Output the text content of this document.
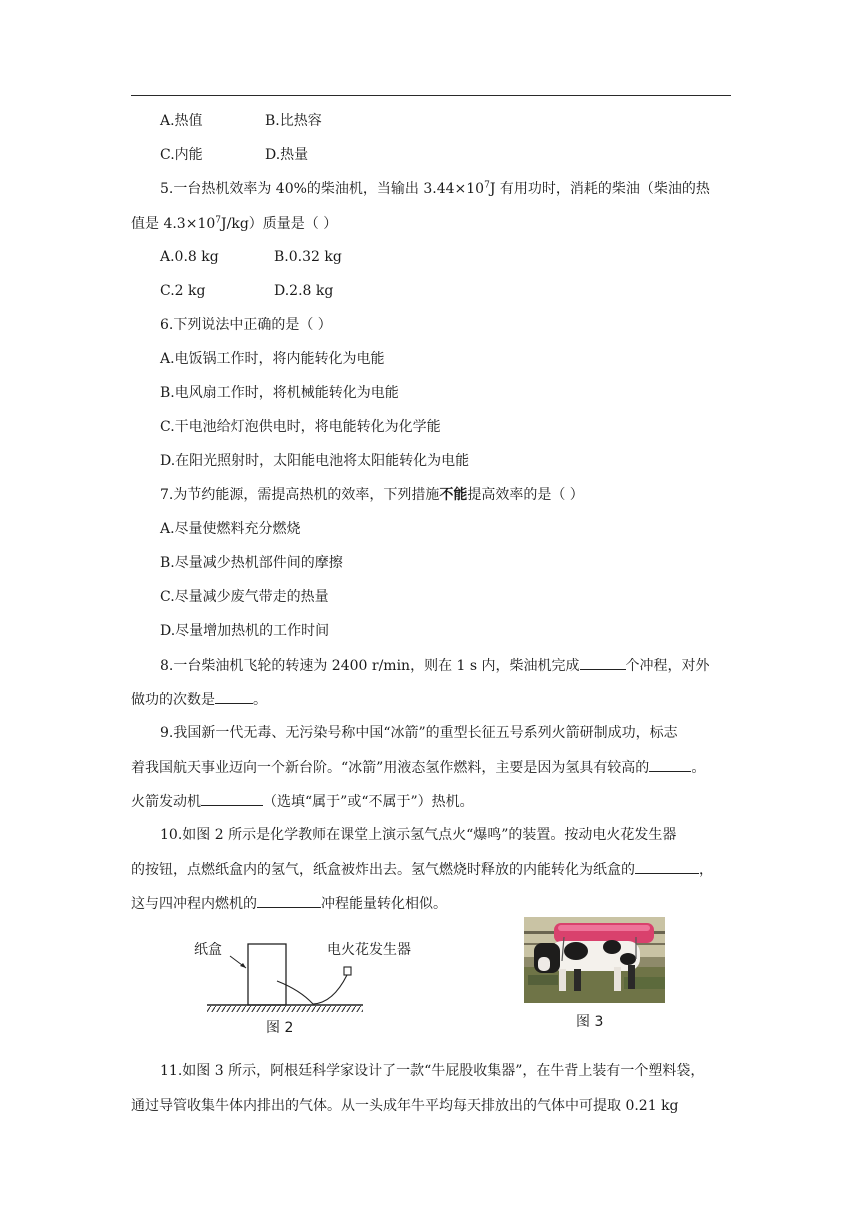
A.热值	B.比热容
C.内能	D.热量
5.一台热机效率为 40%的柴油机，当输出 $3.44\times 10^7J$ 有用功时，消耗的柴油（柴油的热
值是 $4.3\times 10^7J/kg$）质量是（ ）
A.0.8 kg	B.0.32 kg
C.2 kg	D.2.8 kg
6.下列说法中正确的是（ ）
A.电饭锅工作时，将内能转化为电能
B.电风扇工作时，将机械能转化为电能
C.干电池给灯泡供电时，将电能转化为化学能
D.在阳光照射时，太阳能电池将太阳能转化为电能
7.为节约能源，需提高热机的效率，下列措施不能提高效率的是（ ）
A.尽量使燃料充分燃烧
B.尽量减少热机部件间的摩擦
C.尽量减少废气带走的热量
D.尽量增加热机的工作时间
8.一台柴油机飞轮的转速为 2400 r/min，则在 1 s 内，柴油机完成	个冲程，对外
做功的次数是	。
9.我国新一代无毒、无污染号称中国“冰箭”的重型长征五号系列火箭研制成功，标志
着我国航天事业迈向一个新台阶。“冰箭”用液态氢作燃料，主要是因为氢具有较高的	。
火箭发动机	（选填“属于”或“不属于”）热机。
10.如图 2 所示是化学教师在课堂上演示氢气点火“爆鸣”的装置。按动电火花发生器
的按钮，点燃纸盒内的氢气，纸盒被炸出去。氢气燃烧时释放的内能转化为纸盒的	，
这与四冲程内燃机的	冲程能量转化相似。
纸盒	电火花发生器
图 2	图 3
11.如图 3 所示，阿根廷科学家设计了一款“牛屁股收集器”，在牛背上装有一个塑料袋，
通过导管收集牛体内排出的气体。从一头成年牛平均每天排放出的气体中可提取 0.21 kg
